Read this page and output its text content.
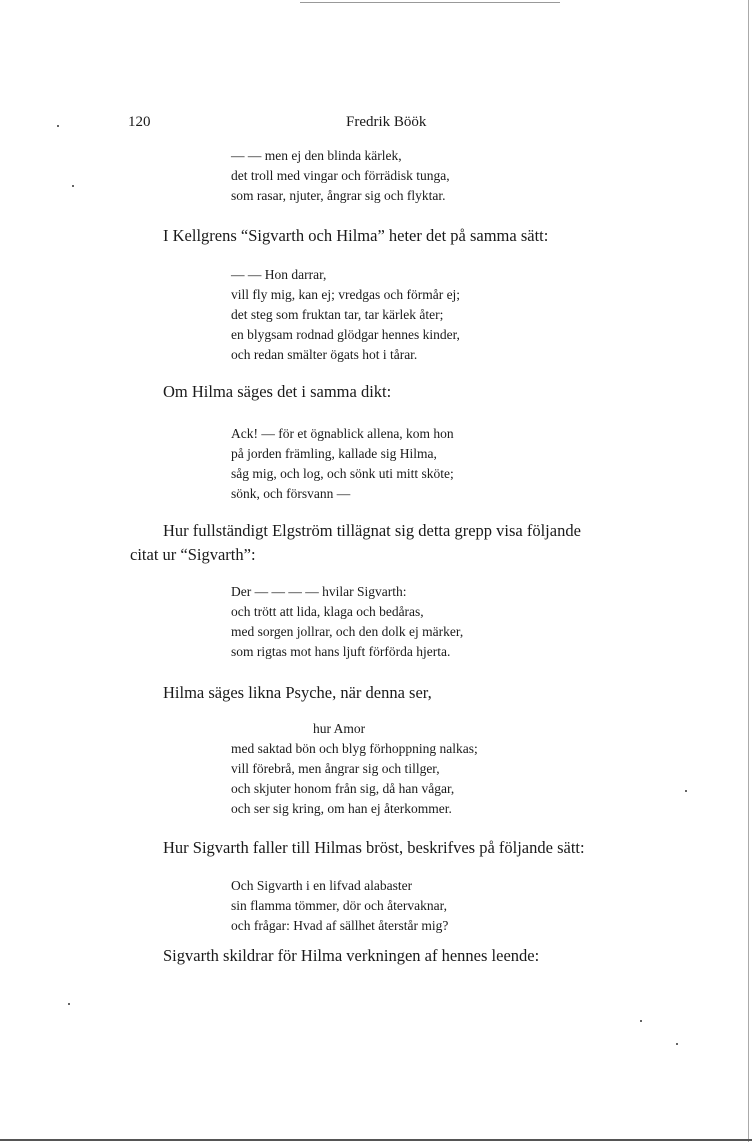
120	Fredrik Böök
— — men ej den blinda kärlek,
det troll med vingar och förrädisk tunga,
som rasar, njuter, ångrar sig och flyktar.
I Kellgrens “Sigvarth och Hilma” heter det på samma sätt:
— — Hon darrar,
vill fly mig, kan ej; vredgas och förmår ej;
det steg som fruktan tar, tar kärlek åter;
en blygsam rodnad glödgar hennes kinder,
och redan smälter ögats hot i tårar.
Om Hilma säges det i samma dikt:
Ack! — för et ögnablick allena, kom hon
på jorden främling, kallade sig Hilma,
såg mig, och log, och sönk uti mitt sköte;
sönk, och försvann —
Hur fullständigt Elgström tillägnat sig detta grepp visa följande
citat ur “Sigvarth”:
Der — — — — hvilar Sigvarth:
och trött att lida, klaga och bedåras,
med sorgen jollrar, och den dolk ej märker,
som rigtas mot hans ljuft förförda hjerta.
Hilma säges likna Psyche, när denna ser,
hur Amor
med saktad bön och blyg förhoppning nalkas;
vill förebrå, men ångrar sig och tillger,
och skjuter honom från sig, då han vågar,
och ser sig kring, om han ej återkommer.
Hur Sigvarth faller till Hilmas bröst, beskrifves på följande sätt:
Och Sigvarth i en lifvad alabaster
sin flamma tömmer, dör och återvaknar,
och frågar: Hvad af sällhet återstår mig?
Sigvarth skildrar för Hilma verkningen af hennes leende:
